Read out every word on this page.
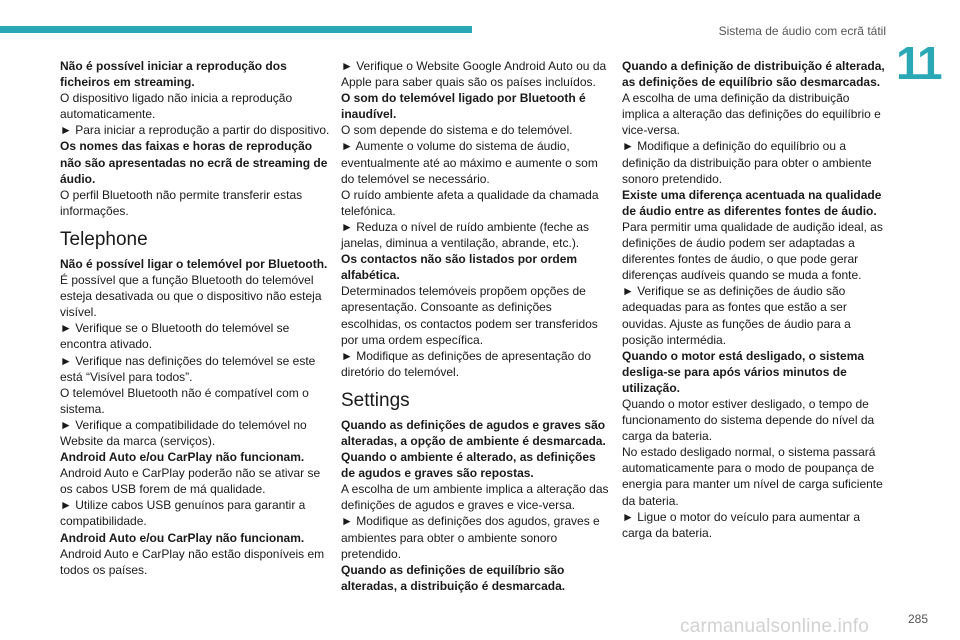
Sistema de áudio com ecrã tátil
11

Não é possível iniciar a reprodução dos ficheiros em streaming.

O dispositivo ligado não inicia a reprodução automaticamente.

► Para iniciar a reprodução a partir do dispositivo.

Os nomes das faixas e horas de reprodução não são apresentadas no ecrã de streaming de áudio.

O perfil Bluetooth não permite transferir estas informações.

Telephone

Não é possível ligar o telemóvel por Bluetooth.

É possível que a função Bluetooth do telemóvel esteja desativada ou que o dispositivo não esteja visível.

► Verifique se o Bluetooth do telemóvel se encontra ativado.

► Verifique nas definições do telemóvel se este está “Visível para todos”.

O telemóvel Bluetooth não é compatível com o sistema.

► Verifique a compatibilidade do telemóvel no Website da marca (serviços).

Android Auto e/ou CarPlay não funcionam.

Android Auto e CarPlay poderão não se ativar se os cabos USB forem de má qualidade.

► Utilize cabos USB genuínos para garantir a compatibilidade.

Android Auto e/ou CarPlay não funcionam.

Android Auto e CarPlay não estão disponíveis em todos os países.

► Verifique o Website Google Android Auto ou da Apple para saber quais são os países incluídos.

O som do telemóvel ligado por Bluetooth é inaudível.

O som depende do sistema e do telemóvel.

► Aumente o volume do sistema de áudio, eventualmente até ao máximo e aumente o som do telemóvel se necessário.

O ruído ambiente afeta a qualidade da chamada telefónica.

► Reduza o nível de ruído ambiente (feche as janelas, diminua a ventilação, abrande, etc.).

Os contactos não são listados por ordem alfabética.

Determinados telemóveis propõem opções de apresentação. Consoante as definições escolhidas, os contactos podem ser transferidos por uma ordem específica.

► Modifique as definições de apresentação do diretório do telemóvel.

Settings

Quando as definições de agudos e graves são alteradas, a opção de ambiente é desmarcada.

Quando o ambiente é alterado, as definições de agudos e graves são repostas.

A escolha de um ambiente implica a alteração das definições de agudos e graves e vice-versa.

► Modifique as definições dos agudos, graves e ambientes para obter o ambiente sonoro pretendido.

Quando as definições de equilíbrio são alteradas, a distribuição é desmarcada.

Quando a definição de distribuição é alterada, as definições de equilíbrio são desmarcadas.

A escolha de uma definição da distribuição implica a alteração das definições do equilíbrio e vice-versa.

► Modifique a definição do equilíbrio ou a definição da distribuição para obter o ambiente sonoro pretendido.

Existe uma diferença acentuada na qualidade de áudio entre as diferentes fontes de áudio.

Para permitir uma qualidade de audição ideal, as definições de áudio podem ser adaptadas a diferentes fontes de áudio, o que pode gerar diferenças audíveis quando se muda a fonte.

► Verifique se as definições de áudio são adequadas para as fontes que estão a ser ouvidas. Ajuste as funções de áudio para a posição intermédia.

Quando o motor está desligado, o sistema desliga-se para após vários minutos de utilização.

Quando o motor estiver desligado, o tempo de funcionamento do sistema depende do nível da carga da bateria.

No estado desligado normal, o sistema passará automaticamente para o modo de poupança de energia para manter um nível de carga suficiente da bateria.

► Ligue o motor do veículo para aumentar a carga da bateria.

carmanualsonline.info	285
